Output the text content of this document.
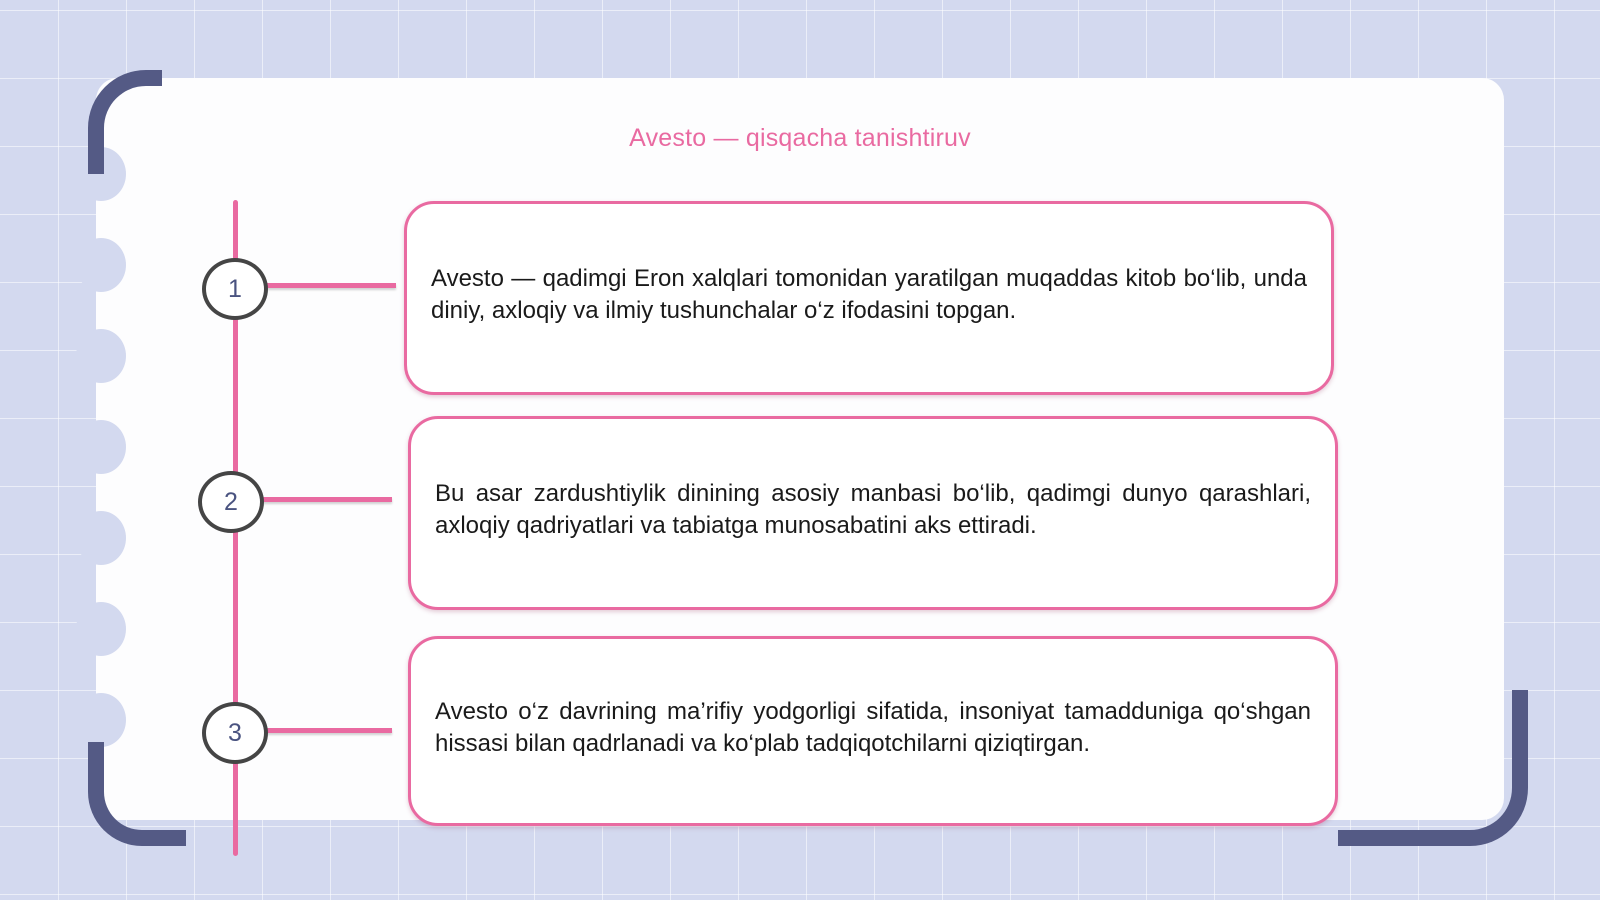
Avesto — qisqacha tanishtiruv
1
2
3
Avesto — qadimgi Eron xalqlari tomonidan yaratilgan muqaddas kitob bo‘lib, unda diniy, axloqiy va ilmiy tushunchalar o‘z ifodasini topgan.
Bu asar zardushtiylik dinining asosiy manbasi bo‘lib, qadimgi dunyo qarashlari, axloqiy qadriyatlari va tabiatga munosabatini aks ettiradi.
Avesto o‘z davrining ma’rifiy yodgorligi sifatida, insoniyat tamadduniga qo‘shgan hissasi bilan qadrlanadi va ko‘plab tadqiqotchilarni qiziqtirgan.
